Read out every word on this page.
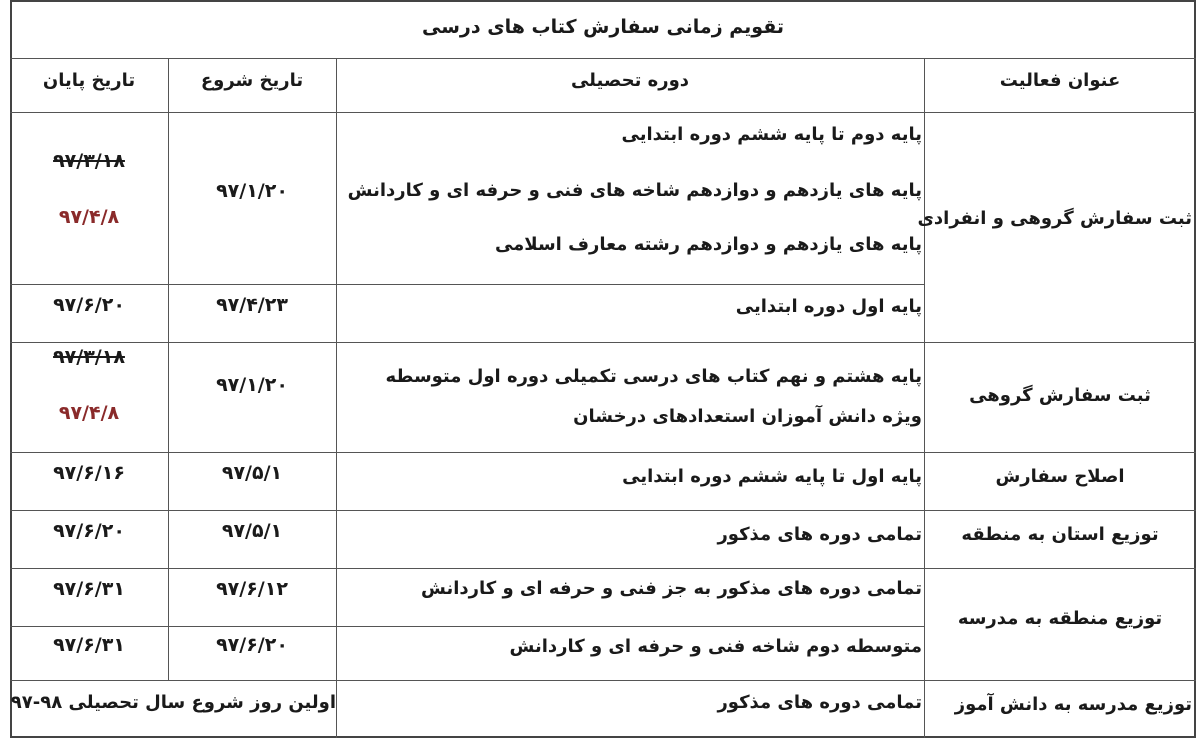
تقویم زمانی سفارش کتاب های درسی
عنوان فعالیت
دوره تحصیلی
تاریخ شروع
تاریخ پایان
ثبت سفارش گروهی و انفرادی
ثبت سفارش گروهی
اصلاح سفارش
توزیع استان به منطقه
توزیع منطقه به مدرسه
توزیع مدرسه به دانش آموز
پایه دوم تا پایه ششم دوره ابتدایی
پایه های یازدهم و دوازدهم شاخه های فنی و حرفه ای و کاردانش
پایه های یازدهم و دوازدهم رشته معارف اسلامی
پایه اول دوره ابتدایی
پایه هشتم و نهم کتاب های درسی تکمیلی دوره اول متوسطه
ویژه دانش آموزان استعدادهای درخشان
پایه اول تا پایه ششم دوره ابتدایی
تمامی دوره های مذکور
تمامی دوره های مذکور به جز فنی و حرفه ای و کاردانش
متوسطه دوم شاخه فنی و حرفه ای و کاردانش
تمامی دوره های مذکور
۹۷/۱/۲۰
۹۷/۴/۲۳
۹۷/۱/۲۰
۹۷/۵/۱
۹۷/۵/۱
۹۷/۶/۱۲
۹۷/۶/۲۰
۹۷/۳/۱۸
۹۷/۴/۸
۹۷/۶/۲۰
۹۷/۳/۱۸
۹۷/۴/۸
۹۷/۶/۱۶
۹۷/۶/۲۰
۹۷/۶/۳۱
۹۷/۶/۳۱
اولین روز شروع سال تحصیلی ۹۸-۹۷
